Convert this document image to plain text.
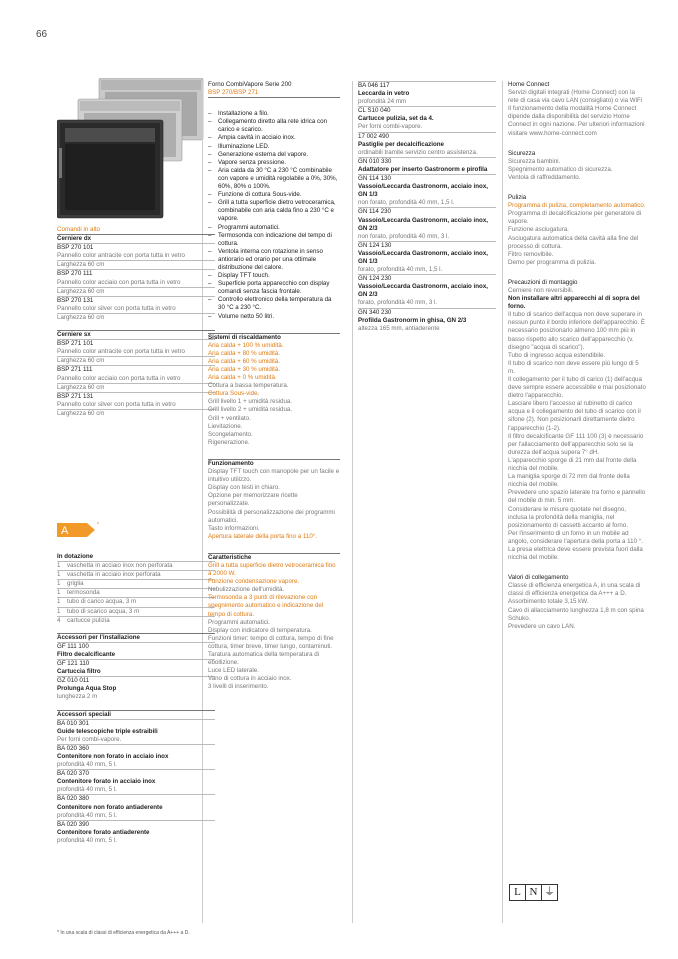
66
Comandi in alto
Cerniere dx
BSP 270 101
Pannello color antracite con porta tutta in vetro
Larghezza 60 cm
BSP 270 111
Pannello color acciaio con porta tutta in vetro
Larghezza 60 cm
BSP 270 131
Pannello color silver con porta tutta in vetro
Larghezza 60 cm
Cerniere sx
BSP 271 101
Pannello color antracite con porta tutta in vetro
Larghezza 60 cm
BSP 271 111
Pannello color acciaio con porta tutta in vetro
Larghezza 60 cm
BSP 271 131
Pannello color silver con porta tutta in vetro
Larghezza 60 cm
A	*
In dotazione
1	vaschetta in acciaio inox non perforata
1	vaschetta in acciaio inox perforata
1	griglia
1	termosonda
1	tubo di carico acqua, 3 m
1	tubo di scarico acqua, 3 m
4	cartucce pulizia
Accessori per l'installazione
GF 111 100
Filtro decalcificante
GF 121 110
Cartuccia filtro
GZ 010 011
Prolunga Aqua Stop
lunghezza 2 m
Accessori speciali
BA 010 301
Guide telescopiche triple estraibili
Per forni combi-vapore.
BA 020 360
Contenitore non forato in acciaio inox
profondità 40 mm, 5 l.
BA 020 370
Contenitore forato in acciaio inox
profondità 40 mm, 5 l.
BA 020 380
Contenitore non forato antiaderente
profondità 40 mm, 5 l.
BA 020 390
Contenitore forato antiaderente
profondità 40 mm, 5 l.
Forno CombiVapore Serie 200
BSP 270/BSP 271
– Installazione a filo.
– Collegamento diretto alla rete idrica con carico e scarico.
– Ampia cavità in acciaio inox.
– Illuminazione LED.
– Generazione esterna del vapore.
– Vapore senza pressione.
– Aria calda da 30 °C a 230 °C combinabile con vapore e umidità regolabile a 0%, 30%, 60%, 80% o 100%.
– Funzione di cottura Sous-vide.
– Grill a tutta superficie dietro vetroceramica, combinabile con aria calda fino a 230 °C e vapore.
– Programmi automatici.
– Termosonda con indicazione del tempo di cottura.
– Ventola interna con rotazione in senso antiorario ed orario per una ottimale distribuzione del calore.
– Display TFT touch.
– Superficie porta apparecchio con display comandi senza fascia frontale.
– Controllo elettronico della temperatura da 30 °C a 230 °C.
– Volume netto 50 litri.
Sistemi di riscaldamento
Aria calda + 100 % umidità.
Aria calda + 80 % umidità.
Aria calda + 60 % umidità.
Aria calda + 30 % umidità.
Aria calda + 0 % umidità.
Cottura a bassa temperatura.
Cottura Sous-vide.
Grill livello 1 + umidità residua.
Grill livello 2 + umidità residua.
Grill + ventilato.
Lievitazione.
Scongelamento.
Rigenerazione.
Funzionamento
Display TFT touch con manopole per un facile e intuitivo utilizzo.
Display con testi in chiaro.
Opzione per memorizzare ricette personalizzate.
Possibilità di personalizzazione dei programmi automatici.
Tasto informazioni.
Apertura laterale della porta fino a 110°.
Caratteristiche
Grill a tutta superficie dietro vetroceramica fino a 2000 W.
Funzione condensazione vapore.
Nebulizzazione dell'umidità.
Termosonda a 3 punti di rilevazione con spegnimento automatico e indicazione del tempo di cottura.
Programmi automatici.
Display con indicatore di temperatura.
Funzioni timer: tempo di cottura, tempo di fine cottura, timer breve, timer lungo, contaminuti.
Taratura automatica della temperatura di ebollizione.
Luce LED laterale.
Vano di cottura in acciaio inox.
3 livelli di inserimento.
BA 046 117
Leccarda in vetro
profondità 24 mm
CL S10 040
Cartucce pulizia, set da 4.
Per forni combi-vapore.
17 002 490
Pastiglie per decalcificazione
ordinabili tramite servizio centro assistenza.
GN 010 330
Adattatore per inserto Gastronorm e pirofila
GN 114 130
Vassoio/Leccarda Gastronorm, acciaio inox, GN 1/3
non forato, profondità 40 mm, 1,5 l.
GN 114 230
Vassoio/Leccarda Gastronorm, acciaio inox, GN 2/3
non forato, profondità 40 mm, 3 l.
GN 124 130
Vassoio/Leccarda Gastronorm, acciaio inox, GN 1/3
forato, profondità 40 mm, 1,5 l.
GN 124 230
Vassoio/Leccarda Gastronorm, acciaio inox, GN 2/3
forato, profondità 40 mm, 3 l.
GN 340 230
Profilda Gastronorm in ghisa, GN 2/3
altezza 165 mm, antiaderente
Home Connect
Servizi digitali integrati (Home Connect) con la rete di casa via cavo LAN (consigliato) o via WiFi
Il funzionamento della modalità Home Connect dipende dalla disponibilità del servizio Home Connect in ogni nazione. Per ulteriori informazioni visitare www.home-connect.com
Sicurezza
Sicurezza bambini.
Spegnimento automatico di sicurezza.
Ventola di raffreddamento.
Pulizia
Programma di pulizia, completamento automatico.
Programma di decalcificazione per generatore di vapore.
Funzione asciugatura.
Asciugatura automatica della cavità alla fine del processo di cottura.
Filtro removibile.
Demo per programma di pulizia.
Precauzioni di montaggio
Cerniere non reversibili.
Non installare altri apparecchi al di sopra del forno.
Il tubo di scarico dell'acqua non deve superare in nessun punto il bordo inferiore dell'apparecchio. È necessario posizionarlo almeno 100 mm più in basso rispetto allo scarico dell'apparecchio (v. disegno "acqua di scarico").
Tubo di ingresso acqua estendibile.
Il tubo di scarico non deve essere più lungo di 5 m.
Il collegamento per il tubo di carico (1) dell'acqua deve sempre essere accessibile e mai posizionato dietro l'apparecchio.
Lasciare libero l'accesso al rubinetto di carico acqua e il collegamento del tubo di scarico con il sifone (2). Non posizionarli direttamente dietro l'apparecchio (1-2).
Il filtro decalcificante GF 111 100 (3) è necessario per l'allacciamento dell'apparecchio solo se la durezza dell'acqua supera 7° dH.
L'apparecchio sporge di 21 mm dal fronte della nicchia del mobile.
La maniglia sporge di 72 mm dal fronte della nicchia del mobile.
Prevedere uno spazio laterale tra forno e pannello del mobile di min. 5 mm.
Considerare le misure quotate nel disegno, inclusa la profondità della maniglia, nel posizionamento di cassetti accanto al forno.
Per l'inserimento di un forno in un mobile ad angolo, considerare l'apertura della porta a 110 °.
La presa elettrica deve essere prevista fuori dalla nicchia del mobile.
Valori di collegamento
Classe di efficienza energetica A, in una scala di classi di efficienza energetica da A+++ a D.
Assorbimento totale 3,15 kW.
Cavo di allacciamento lunghezza 1,8 m con spina Schuko.
Prevedere un cavo LAN.
L N ⏚
* In una scala di classi di efficienza energetica da A+++ a D.
